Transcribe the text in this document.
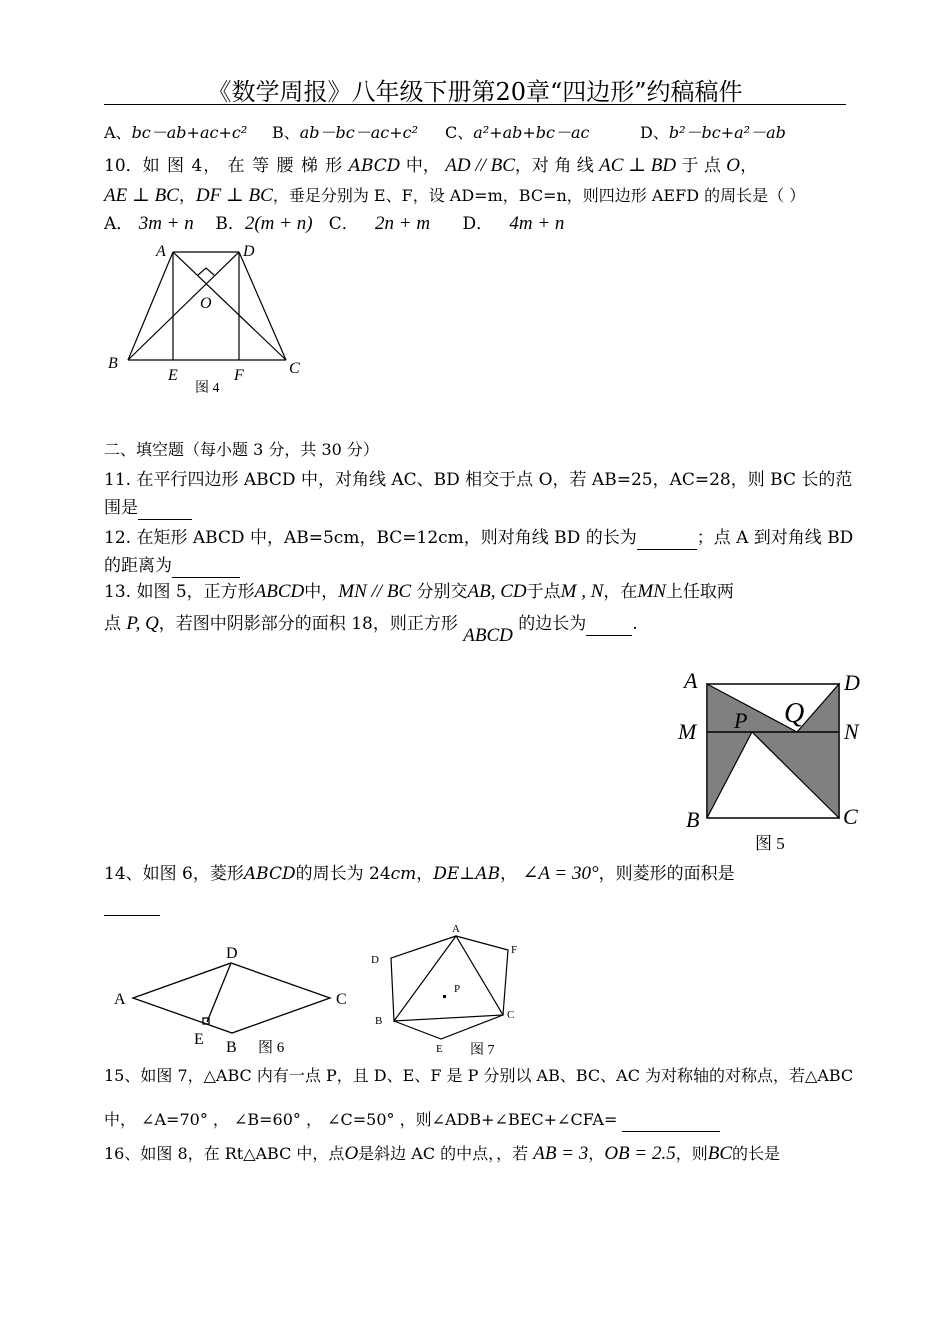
《数学周报》八年级下册第20章“四边形”约稿稿件
A、bc－ab+ac+c² B、ab－bc－ac+c² C、a²+ab+bc－ac	D、b²－bc+a²－ab
10．如 图 4， 在 等 腰 梯 形 ABCD 中， AD // BC，对 角 线 AC ⊥ BD 于 点 O，
AE ⊥ BC，DF ⊥ BC，垂足分别为 E、F，设 AD=m，BC=n，则四边形 AEFD 的周长是（ ）
A． 3m + n B．2(m + n) C． 2n + m D． 4m + n
A	D
B	C
E	F
O
图 4
二、填空题（每小题 3 分，共 30 分）
11. 在平行四边形 ABCD 中，对角线 AC、BD 相交于点 O，若 AB=25，AC=28，则 BC 长的范
围是
12. 在矩形 ABCD 中，AB=5cm，BC=12cm，则对角线 BD 的长为	；点 A 到对角线 BD
的距离为
13. 如图 5，正方形ABCD中，MN // BC 分别交AB, CD于点M , N，在MN上任取两
点 P, Q，若图中阴影部分的面积 18，则正方形 ABCD 的边长为	.
A	D
M	N
P Q
B	C
图 5
14、如图 6，菱形ABCD的周长为 24cm，DE⊥AB， ∠A = 30°，则菱形的面积是
A
D
C
E B 图 6
A
D
F
P
B	C
E 图 7
15、如图 7，△ABC 内有一点 P，且 D、E、F 是 P 分别以 AB、BC、AC 为对称轴的对称点，若△ABC
中， ∠A=70° ， ∠B=60° ， ∠C=50° ，则∠ADB+∠BEC+∠CFA=
16、如图 8，在 Rt△ABC 中，点O是斜边 AC 的中点，，若 AB = 3，OB = 2.5，则BC的长是
